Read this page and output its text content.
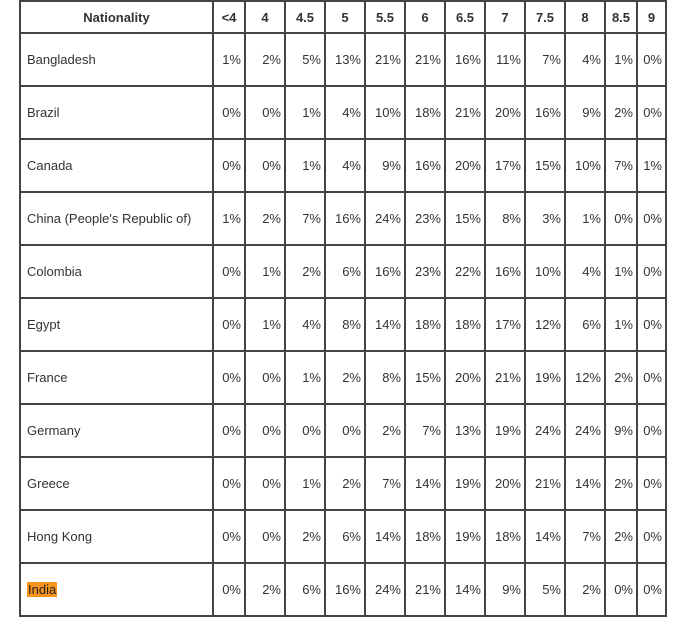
Nationality	<4	4	4.5	5	5.5	6	6.5	7	7.5	8	8.5	9
Bangladesh	1%	2%	5%	13%	21%	21%	16%	11%	7%	4%	1%	0%
Brazil	0%	0%	1%	4%	10%	18%	21%	20%	16%	9%	2%	0%
Canada	0%	0%	1%	4%	9%	16%	20%	17%	15%	10%	7%	1%
China (People's Republic of)	1%	2%	7%	16%	24%	23%	15%	8%	3%	1%	0%	0%
Colombia	0%	1%	2%	6%	16%	23%	22%	16%	10%	4%	1%	0%
Egypt	0%	1%	4%	8%	14%	18%	18%	17%	12%	6%	1%	0%
France	0%	0%	1%	2%	8%	15%	20%	21%	19%	12%	2%	0%
Germany	0%	0%	0%	0%	2%	7%	13%	19%	24%	24%	9%	0%
Greece	0%	0%	1%	2%	7%	14%	19%	20%	21%	14%	2%	0%
Hong Kong	0%	0%	2%	6%	14%	18%	19%	18%	14%	7%	2%	0%
India	0%	2%	6%	16%	24%	21%	14%	9%	5%	2%	0%	0%
